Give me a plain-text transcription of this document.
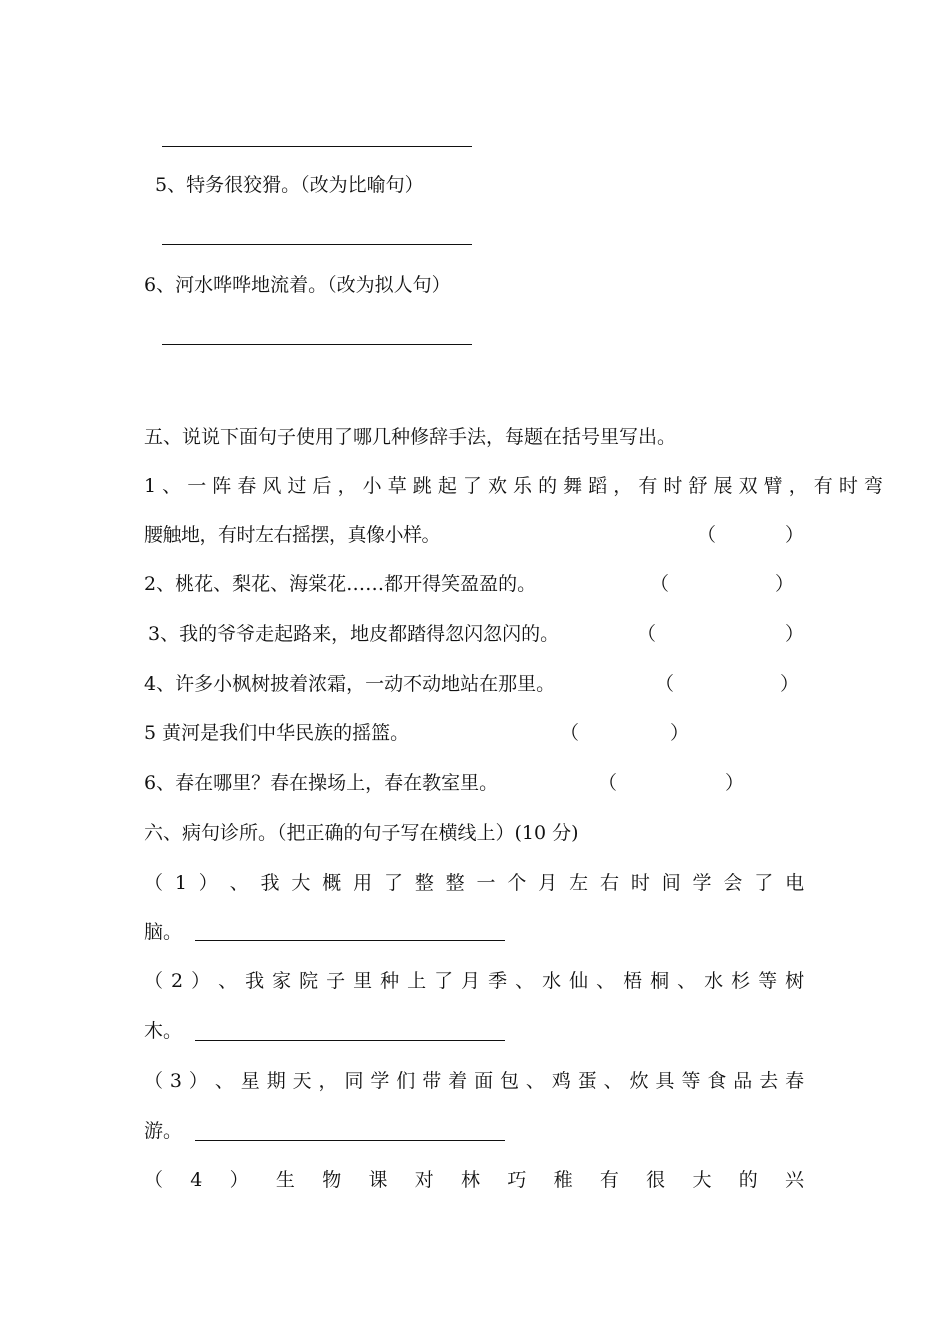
5、特务很狡猾。（改为比喻句）
6、河水哗哗地流着。（改为拟人句）
五、说说下面句子使用了哪几种修辞手法，每题在括号里写出。
1 、 一 阵 春 风 过 后 ， 小 草 跳 起 了 欢 乐 的 舞 蹈 ， 有 时 舒 展 双 臂 ， 有 时 弯
腰触地，有时左右摇摆，真像小样。	（	）
2、桃花、梨花、海棠花……都开得笑盈盈的。	（	）
3、我的爷爷走起路来，地皮都踏得忽闪忽闪的。	（	）
4、许多小枫树披着浓霜，一动不动地站在那里。	（	）
5 黄河是我们中华民族的摇篮。	（	）
6、春在哪里？春在操场上，春在教室里。	（	）
六、病句诊所。（把正确的句子写在横线上）(10 分)
（ 1 ） 、 我 大 概 用 了 整 整 一 个 月 左 右 时 间 学 会 了 电
脑。
（ 2 ） 、 我 家 院 子 里 种 上 了 月 季 、 水 仙 、 梧 桐 、 水 杉 等 树
木。
（ 3 ） 、 星 期 天 ， 同 学 们 带 着 面 包 、 鸡 蛋 、 炊 具 等 食 品 去 春
游。
（ 4 ） 生 物 课 对 林 巧 稚 有 很 大 的 兴
